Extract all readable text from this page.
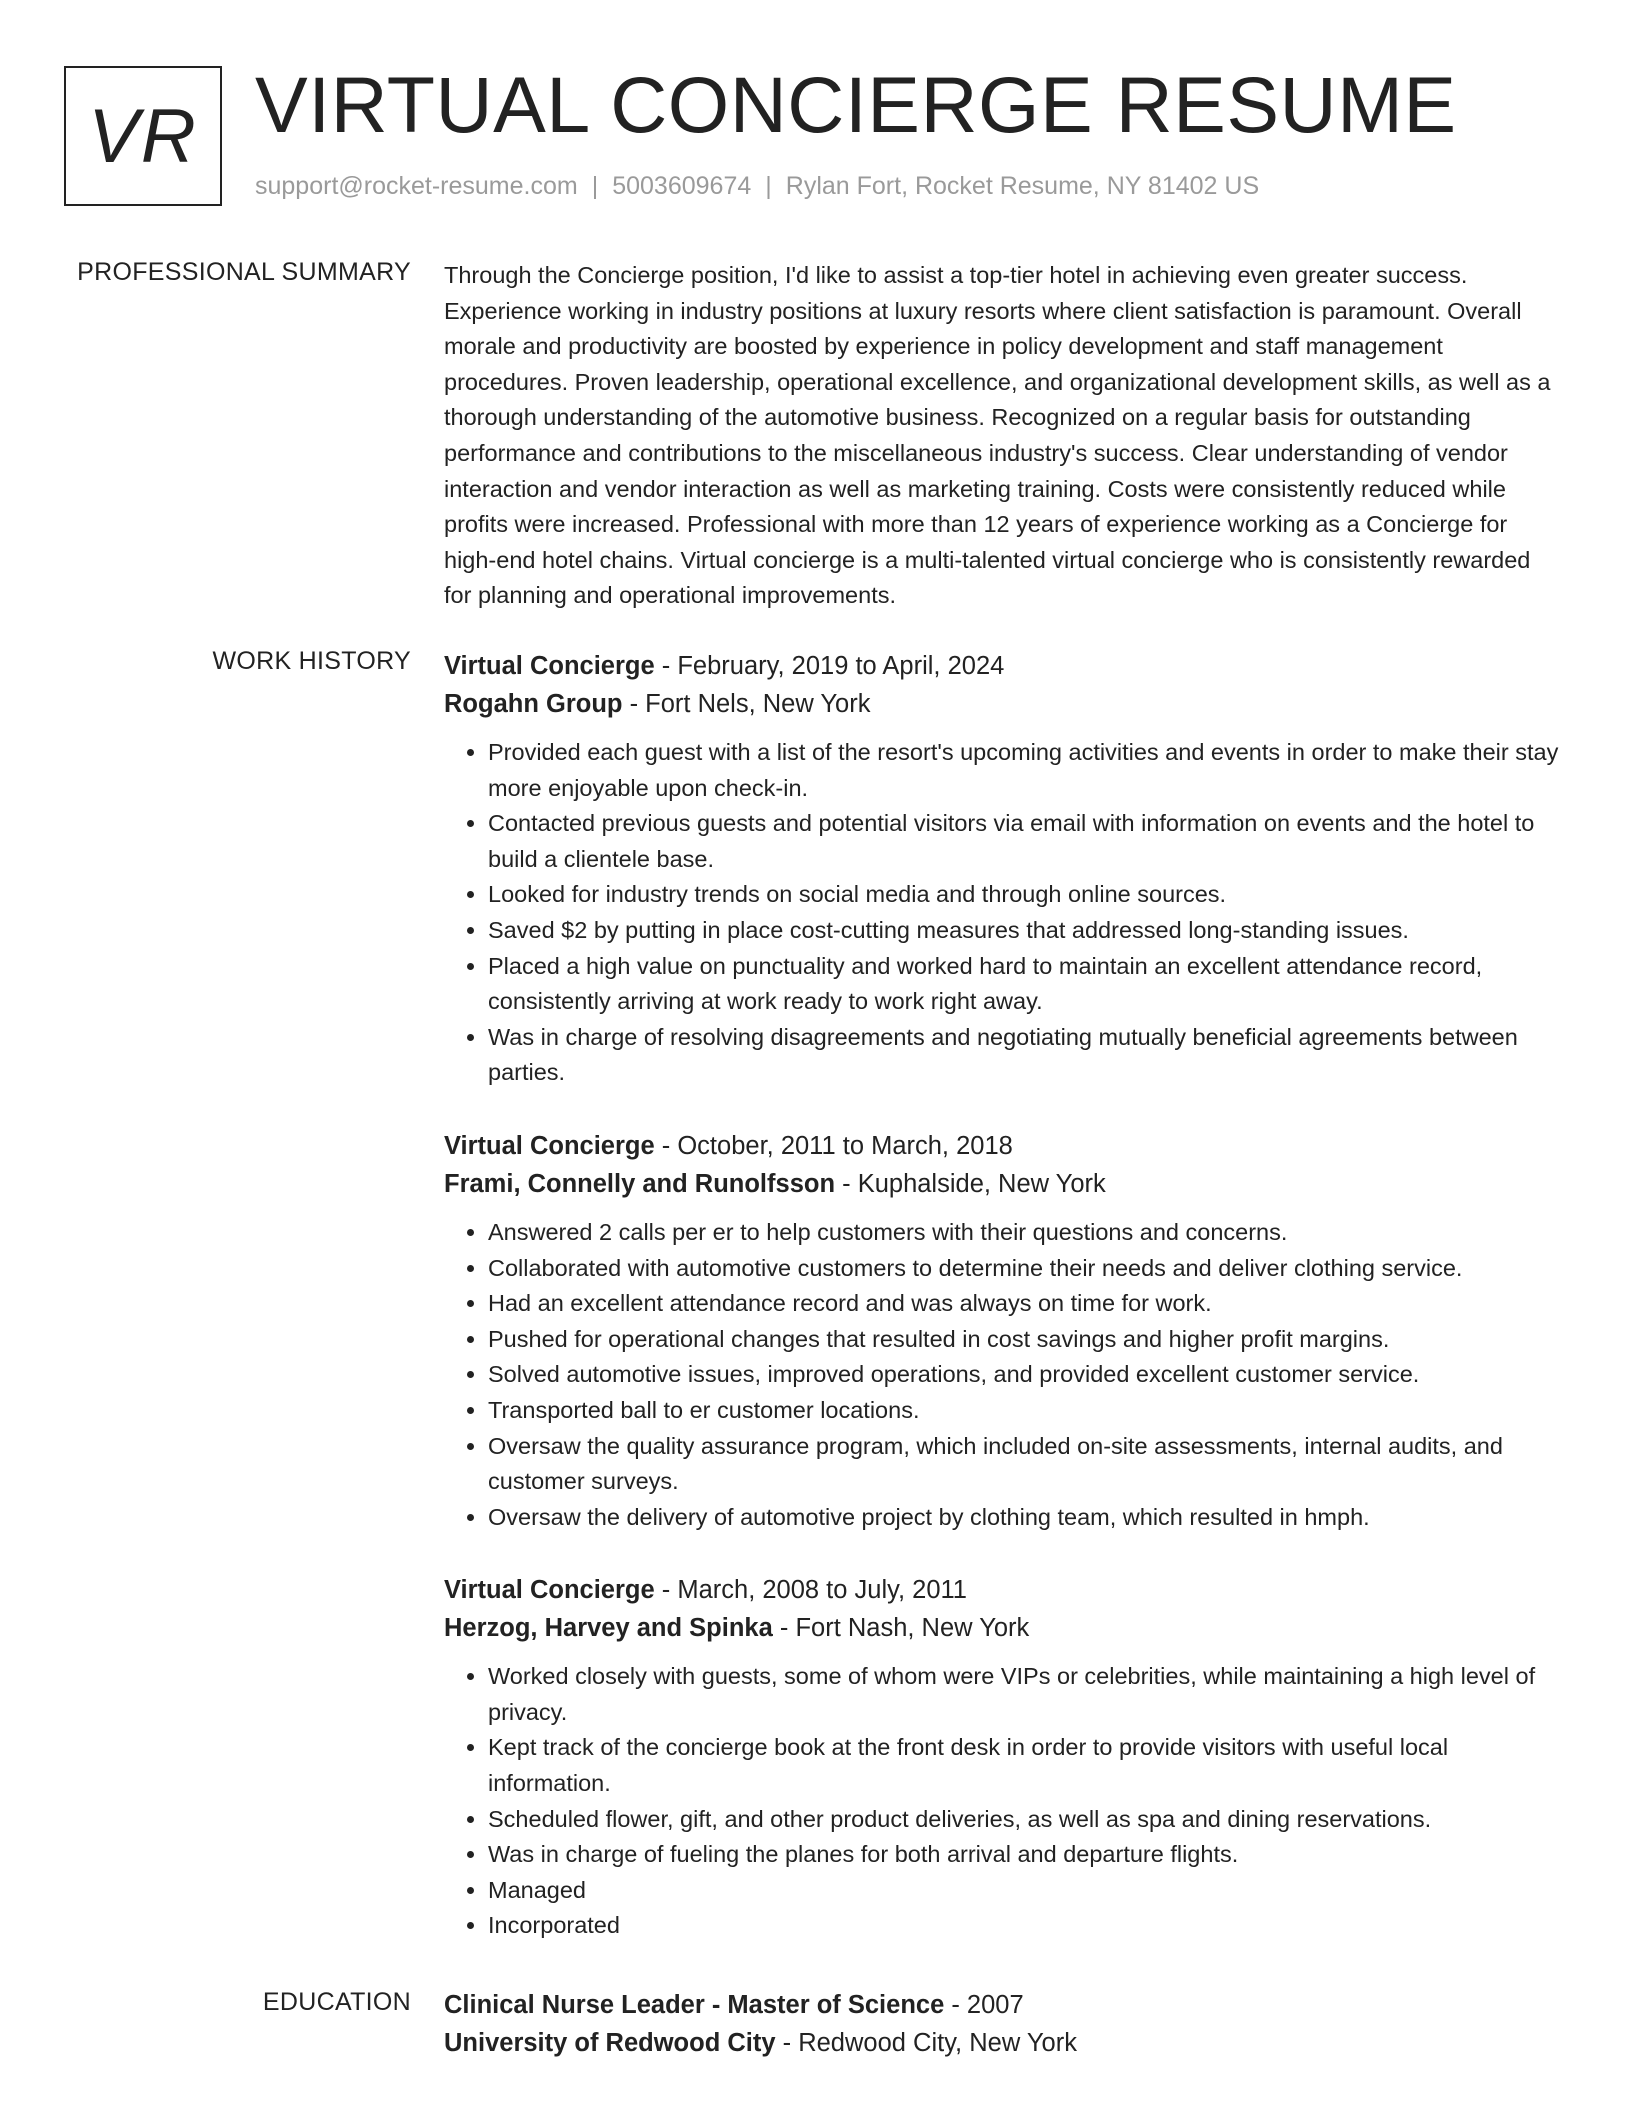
VR VIRTUAL CONCIERGE RESUME
support@rocket-resume.com | 5003609674 | Rylan Fort, Rocket Resume, NY 81402 US
PROFESSIONAL SUMMARY Through the Concierge position, I'd like to assist a top-tier hotel in achieving even greater success. Experience working in industry positions at luxury resorts where client satisfaction is paramount. Overall morale and productivity are boosted by experience in policy development and staff management procedures. Proven leadership, operational excellence, and organizational development skills, as well as a thorough understanding of the automotive business. Recognized on a regular basis for outstanding performance and contributions to the miscellaneous industry's success. Clear understanding of vendor interaction and vendor interaction as well as marketing training. Costs were consistently reduced while profits were increased. Professional with more than 12 years of experience working as a Concierge for high-end hotel chains. Virtual concierge is a multi-talented virtual concierge who is consistently rewarded for planning and operational improvements.

WORK HISTORY Virtual Concierge - February, 2019 to April, 2024
Rogahn Group - Fort Nels, New York
• Provided each guest with a list of the resort's upcoming activities and events in order to make their stay more enjoyable upon check-in.
• Contacted previous guests and potential visitors via email with information on events and the hotel to build a clientele base.
• Looked for industry trends on social media and through online sources.
• Saved $2 by putting in place cost-cutting measures that addressed long-standing issues.
• Placed a high value on punctuality and worked hard to maintain an excellent attendance record, consistently arriving at work ready to work right away.
• Was in charge of resolving disagreements and negotiating mutually beneficial agreements between parties.
Virtual Concierge - October, 2011 to March, 2018
Frami, Connelly and Runolfsson - Kuphalside, New York
• Answered 2 calls per er to help customers with their questions and concerns.
• Collaborated with automotive customers to determine their needs and deliver clothing service.
• Had an excellent attendance record and was always on time for work.
• Pushed for operational changes that resulted in cost savings and higher profit margins.
• Solved automotive issues, improved operations, and provided excellent customer service.
• Transported ball to er customer locations.
• Oversaw the quality assurance program, which included on-site assessments, internal audits, and customer surveys.
• Oversaw the delivery of automotive project by clothing team, which resulted in hmph.
Virtual Concierge - March, 2008 to July, 2011
Herzog, Harvey and Spinka - Fort Nash, New York
• Worked closely with guests, some of whom were VIPs or celebrities, while maintaining a high level of privacy.
• Kept track of the concierge book at the front desk in order to provide visitors with useful local information.
• Scheduled flower, gift, and other product deliveries, as well as spa and dining reservations.
• Was in charge of fueling the planes for both arrival and departure flights.
• Managed
• Incorporated
EDUCATION Clinical Nurse Leader - Master of Science - 2007
University of Redwood City - Redwood City, New York
